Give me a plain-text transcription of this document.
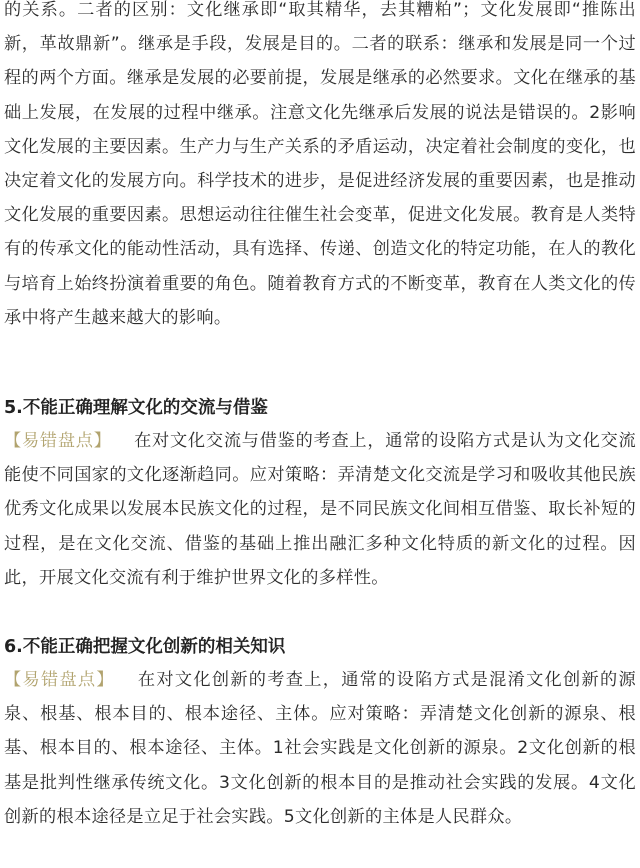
的关系。二者的区别：文化继承即“取其精华，去其糟粕”；文化发展即“推陈出新，革故鼎新”。继承是手段，发展是目的。二者的联系：继承和发展是同一个过程的两个方面。继承是发展的必要前提，发展是继承的必然要求。文化在继承的基础上发展，在发展的过程中继承。注意文化先继承后发展的说法是错误的。2影响文化发展的主要因素。生产力与生产关系的矛盾运动，决定着社会制度的变化，也决定着文化的发展方向。科学技术的进步，是促进经济发展的重要因素，也是推动文化发展的重要因素。思想运动往往催生社会变革，促进文化发展。教育是人类特有的传承文化的能动性活动，具有选择、传递、创造文化的特定功能，在人的教化与培育上始终扮演着重要的角色。随着教育方式的不断变革，教育在人类文化的传承中将产生越来越大的影响。

5.不能正确理解文化的交流与借鉴

【易错盘点】 在对文化交流与借鉴的考查上，通常的设陷方式是认为文化交流能使不同国家的文化逐渐趋同。应对策略：弄清楚文化交流是学习和吸收其他民族优秀文化成果以发展本民族文化的过程，是不同民族文化间相互借鉴、取长补短的过程，是在文化交流、借鉴的基础上推出融汇多种文化特质的新文化的过程。因此，开展文化交流有利于维护世界文化的多样性。

6.不能正确把握文化创新的相关知识

【易错盘点】 在对文化创新的考查上，通常的设陷方式是混淆文化创新的源泉、根基、根本目的、根本途径、主体。应对策略：弄清楚文化创新的源泉、根基、根本目的、根本途径、主体。1社会实践是文化创新的源泉。2文化创新的根基是批判性继承传统文化。3文化创新的根本目的是推动社会实践的发展。4文化创新的根本途径是立足于社会实践。5文化创新的主体是人民群众。
